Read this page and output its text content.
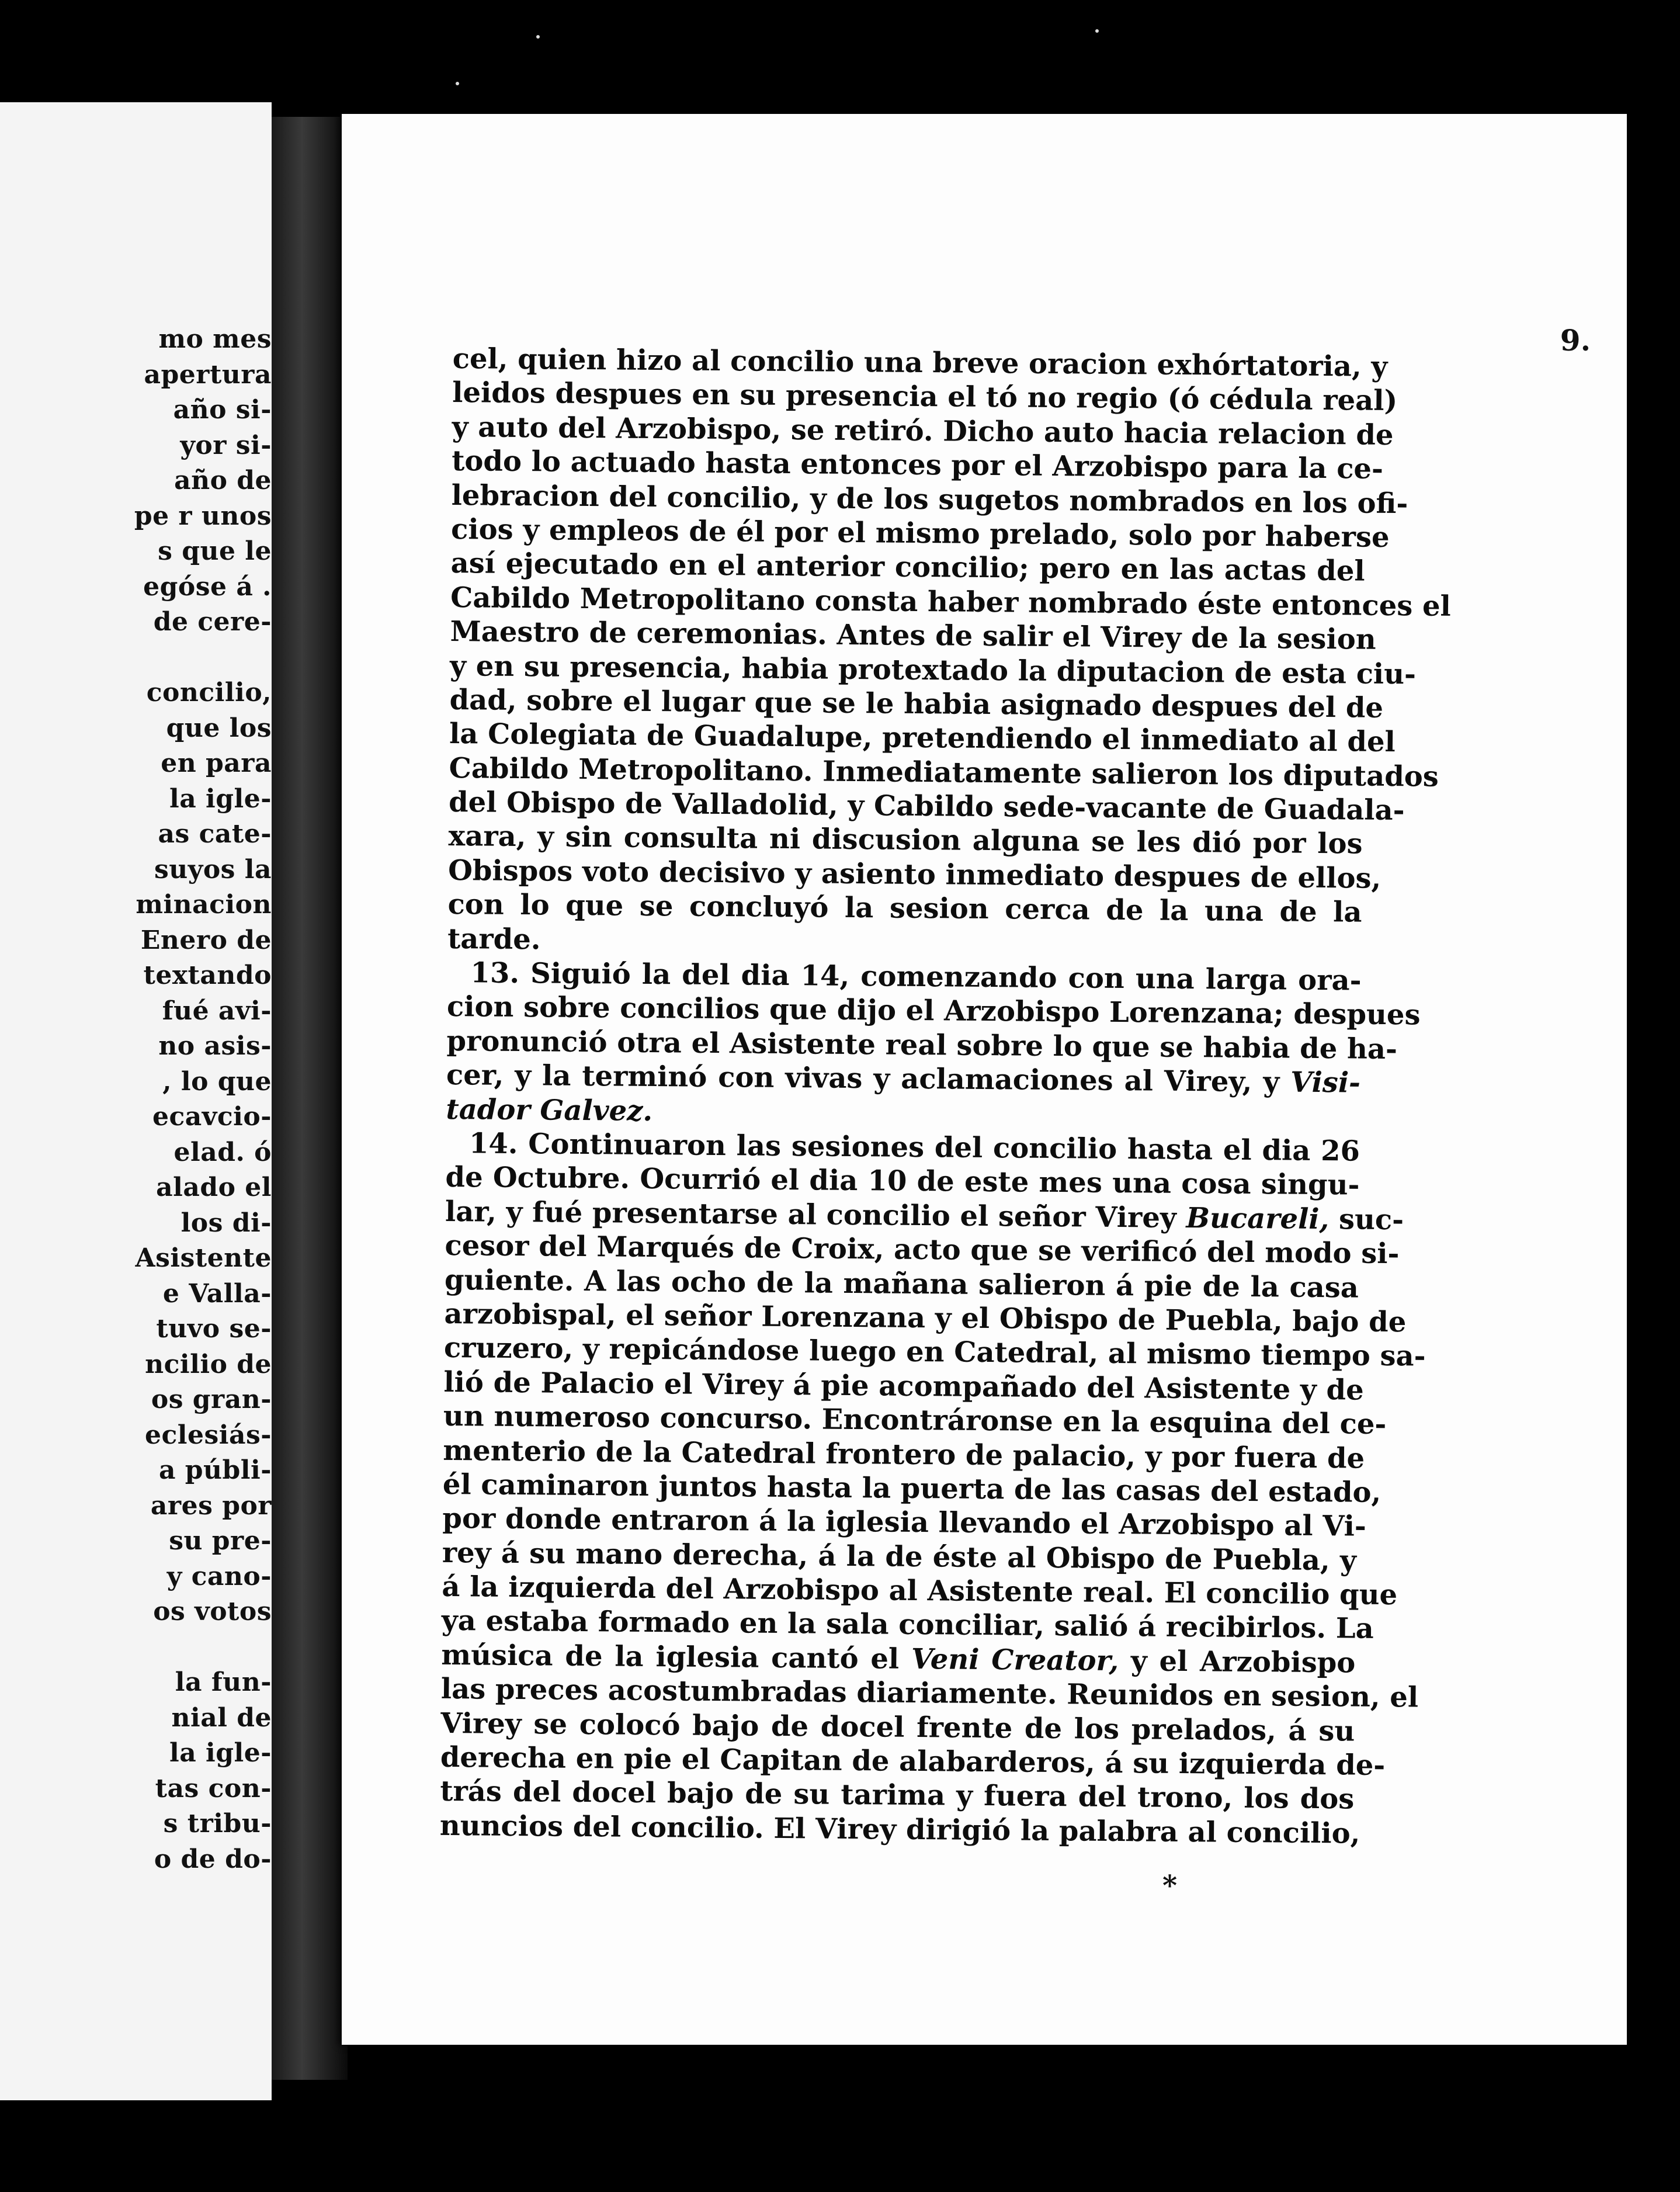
mo mes
apertura
año si-
yor si-
año de
pe r unos
s que le
egóse á .
de cere-
concilio,
que los
en para
la igle-
as cate-
suyos la
minacion
Enero de
textando
fué avi-
no asis-
, lo que
ecavcio-
elad. ó
alado el
los di-
Asistente
e Valla-
tuvo se-
ncilio de
os gran-
eclesiás-
a públi-
ares por
su pre-
y cano-
os votos
la fun-
nial de
la igle-
tas con-
s tribu-
o de do-
9.
cel, quien hizo al concilio una breve oracion exhórtatoria, y
leidos despues en su presencia el tó no regio (ó cédula real)
y auto del Arzobispo, se retiró. Dicho auto hacia relacion de
todo lo actuado hasta entonces por el Arzobispo para la ce-
lebracion del concilio, y de los sugetos nombrados en los ofi-
cios y empleos de él por el mismo prelado, solo por haberse
así ejecutado en el anterior concilio; pero en las actas del
Cabildo Metropolitano consta haber nombrado éste entonces el
Maestro de ceremonias. Antes de salir el Virey de la sesion
y en su presencia, habia protextado la diputacion de esta ciu-
dad, sobre el lugar que se le habia asignado despues del de
la Colegiata de Guadalupe, pretendiendo el inmediato al del
Cabildo Metropolitano. Inmediatamente salieron los diputados
del Obispo de Valladolid, y Cabildo sede-vacante de Guadala-
xara, y sin consulta ni discusion alguna se les dió por los
Obispos voto decisivo y asiento inmediato despues de ellos,
con lo que se concluyó la sesion cerca de la una de la
tarde.
13. Siguió la del dia 14, comenzando con una larga ora-
cion sobre concilios que dijo el Arzobispo Lorenzana; despues
pronunció otra el Asistente real sobre lo que se habia de ha-
cer, y la terminó con vivas y aclamaciones al Virey, y Visi-
tador Galvez.
14. Continuaron las sesiones del concilio hasta el dia 26
de Octubre. Ocurrió el dia 10 de este mes una cosa singu-
lar, y fué presentarse al concilio el señor Virey Bucareli, suc-
cesor del Marqués de Croix, acto que se verificó del modo si-
guiente. A las ocho de la mañana salieron á pie de la casa
arzobispal, el señor Lorenzana y el Obispo de Puebla, bajo de
cruzero, y repicándose luego en Catedral, al mismo tiempo sa-
lió de Palacio el Virey á pie acompañado del Asistente y de
un numeroso concurso. Encontráronse en la esquina del ce-
menterio de la Catedral frontero de palacio, y por fuera de
él caminaron juntos hasta la puerta de las casas del estado,
por donde entraron á la iglesia llevando el Arzobispo al Vi-
rey á su mano derecha, á la de éste al Obispo de Puebla, y
á la izquierda del Arzobispo al Asistente real. El concilio que
ya estaba formado en la sala conciliar, salió á recibirlos. La
música de la iglesia cantó el Veni Creator, y el Arzobispo
las preces acostumbradas diariamente. Reunidos en sesion, el
Virey se colocó bajo de docel frente de los prelados, á su
derecha en pie el Capitan de alabarderos, á su izquierda de-
trás del docel bajo de su tarima y fuera del trono, los dos
nuncios del concilio. El Virey dirigió la palabra al concilio,
*
